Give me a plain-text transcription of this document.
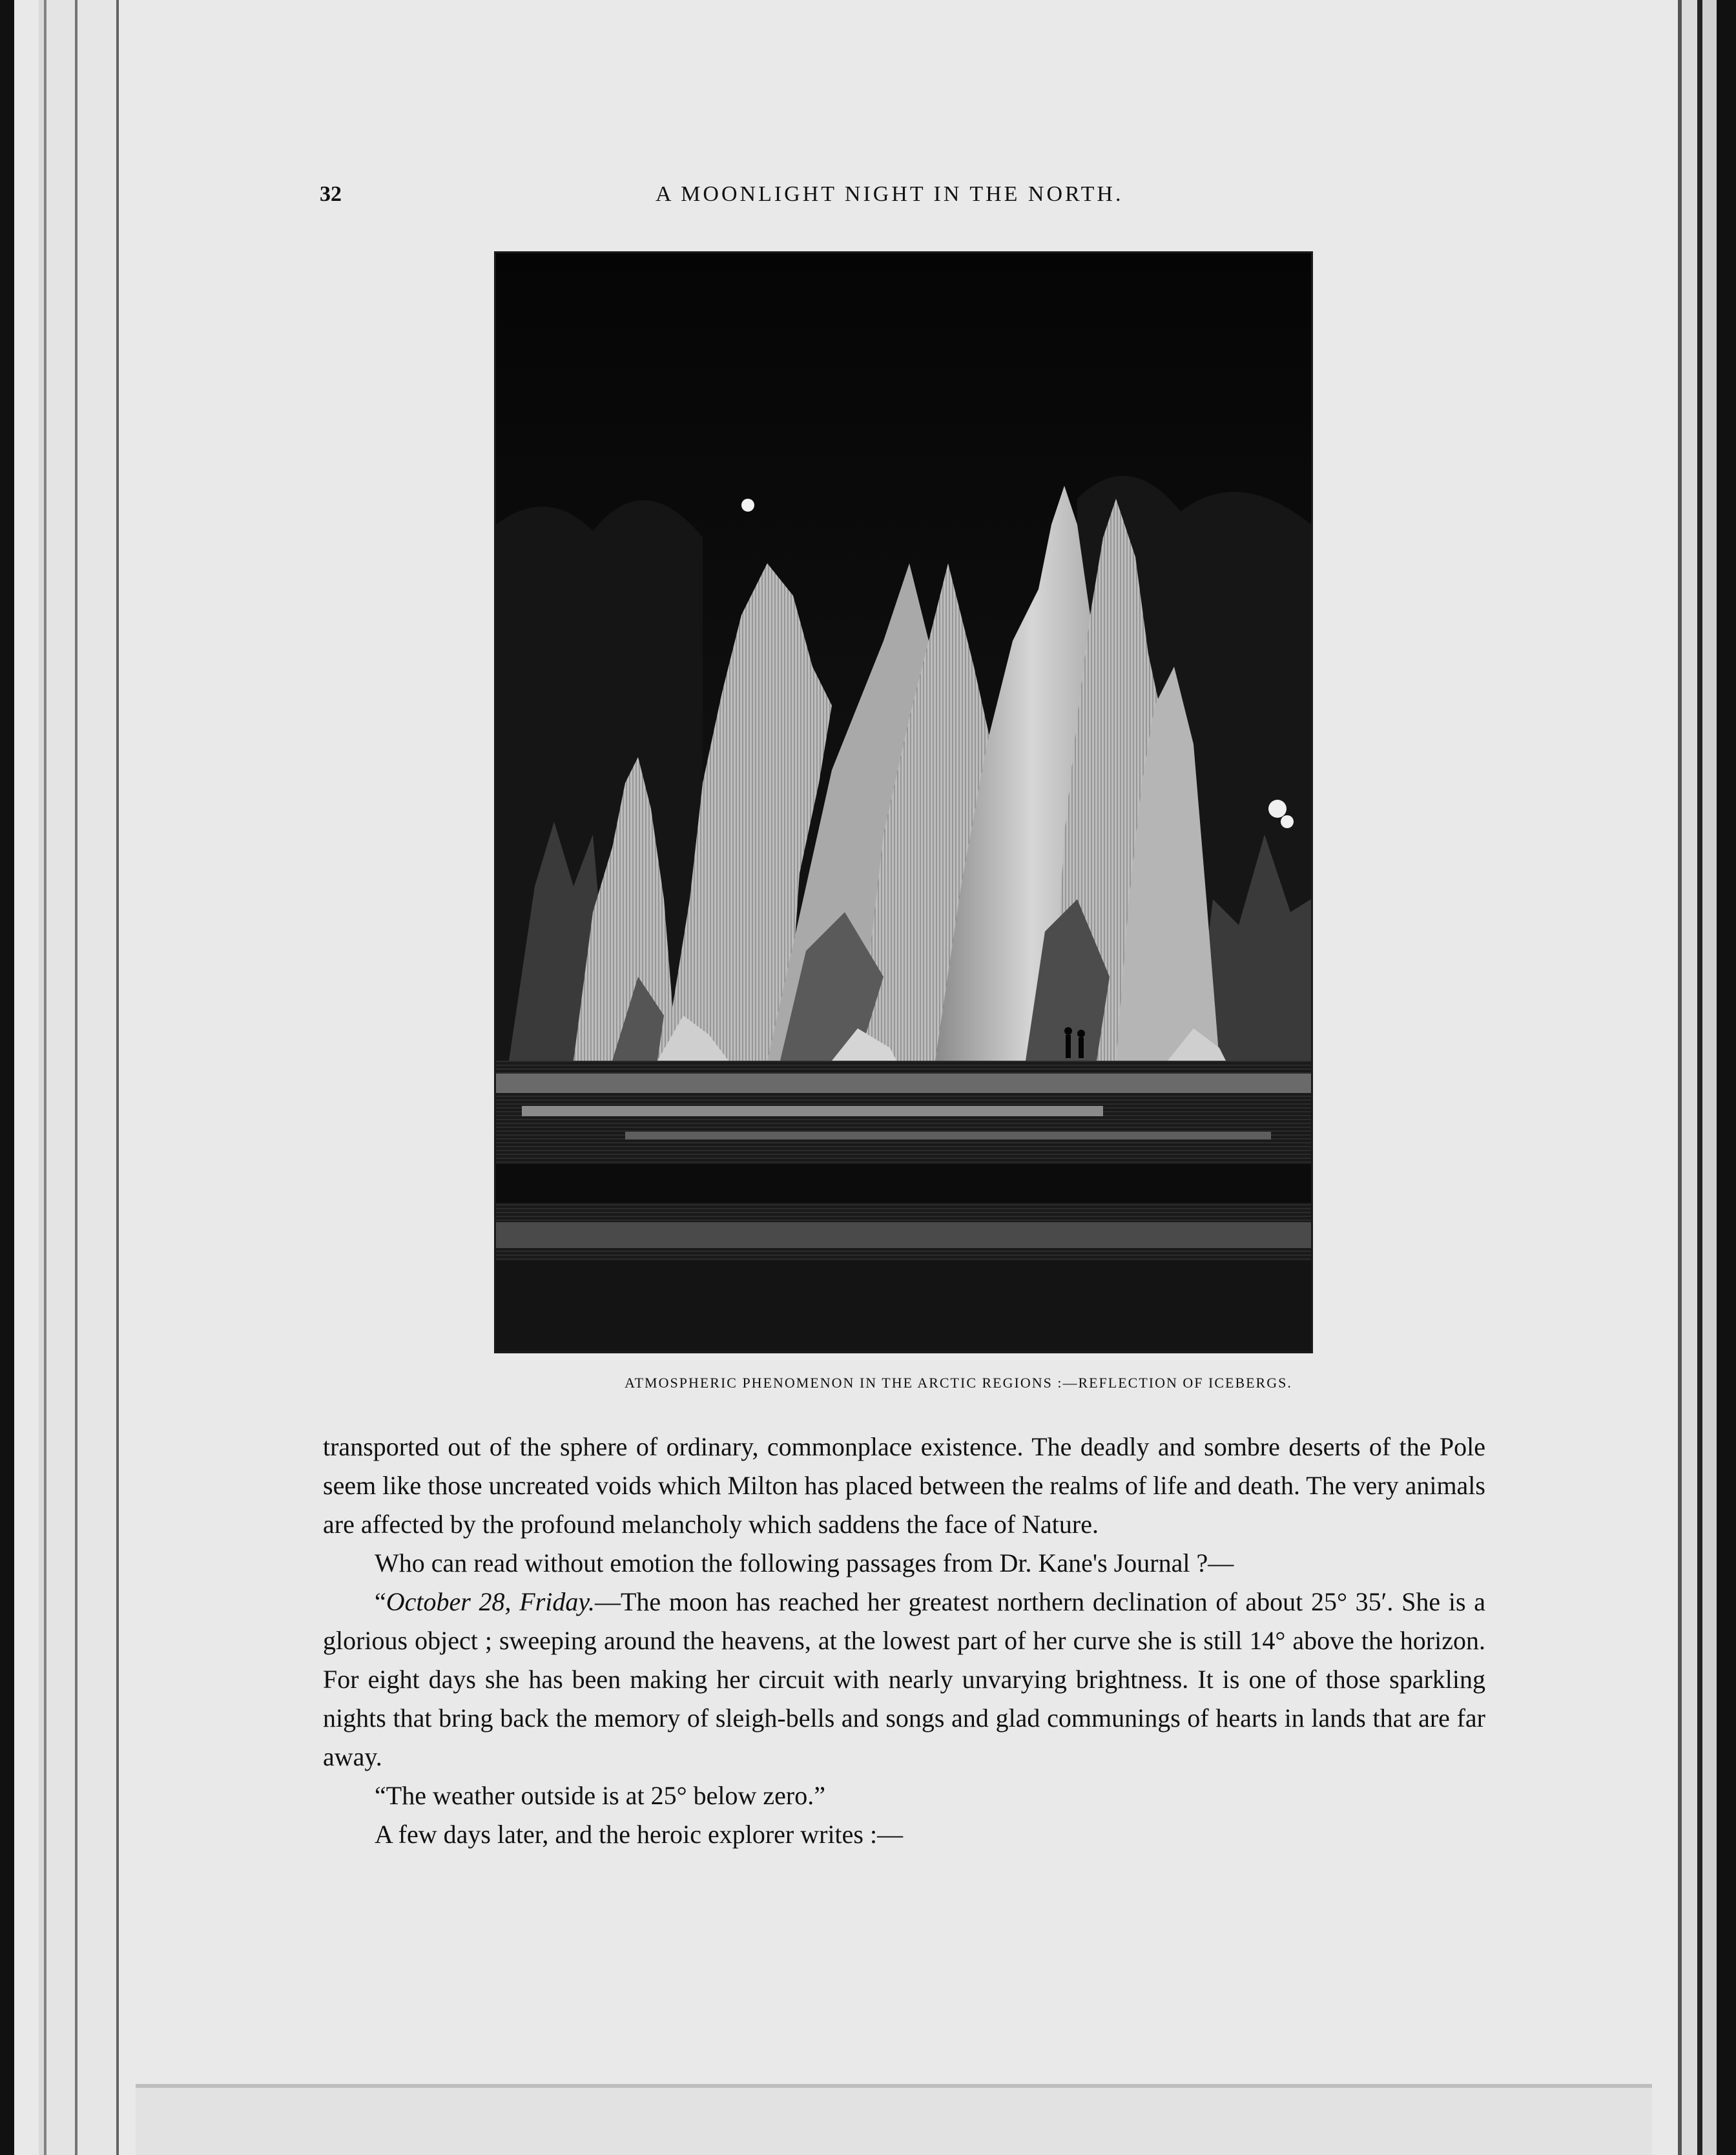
32	A MOONLIGHT NIGHT IN THE NORTH.
ATMOSPHERIC PHENOMENON IN THE ARCTIC REGIONS :—REFLECTION OF ICEBERGS.

transported out of the sphere of ordinary, commonplace existence. The deadly and sombre deserts of the Pole seem like those uncreated voids which Milton has placed between the realms of life and death. The very animals are affected by the profound melancholy which saddens the face of Nature.

Who can read without emotion the following passages from Dr. Kane's Journal ?—

“October 28, Friday.—The moon has reached her greatest northern declination of about 25° 35′. She is a glorious object ; sweeping around the heavens, at the lowest part of her curve she is still 14° above the horizon. For eight days she has been making her circuit with nearly unvarying brightness. It is one of those sparkling nights that bring back the memory of sleigh-bells and songs and glad communings of hearts in lands that are far away.

“The weather outside is at 25° below zero.”

A few days later, and the heroic explorer writes :—
